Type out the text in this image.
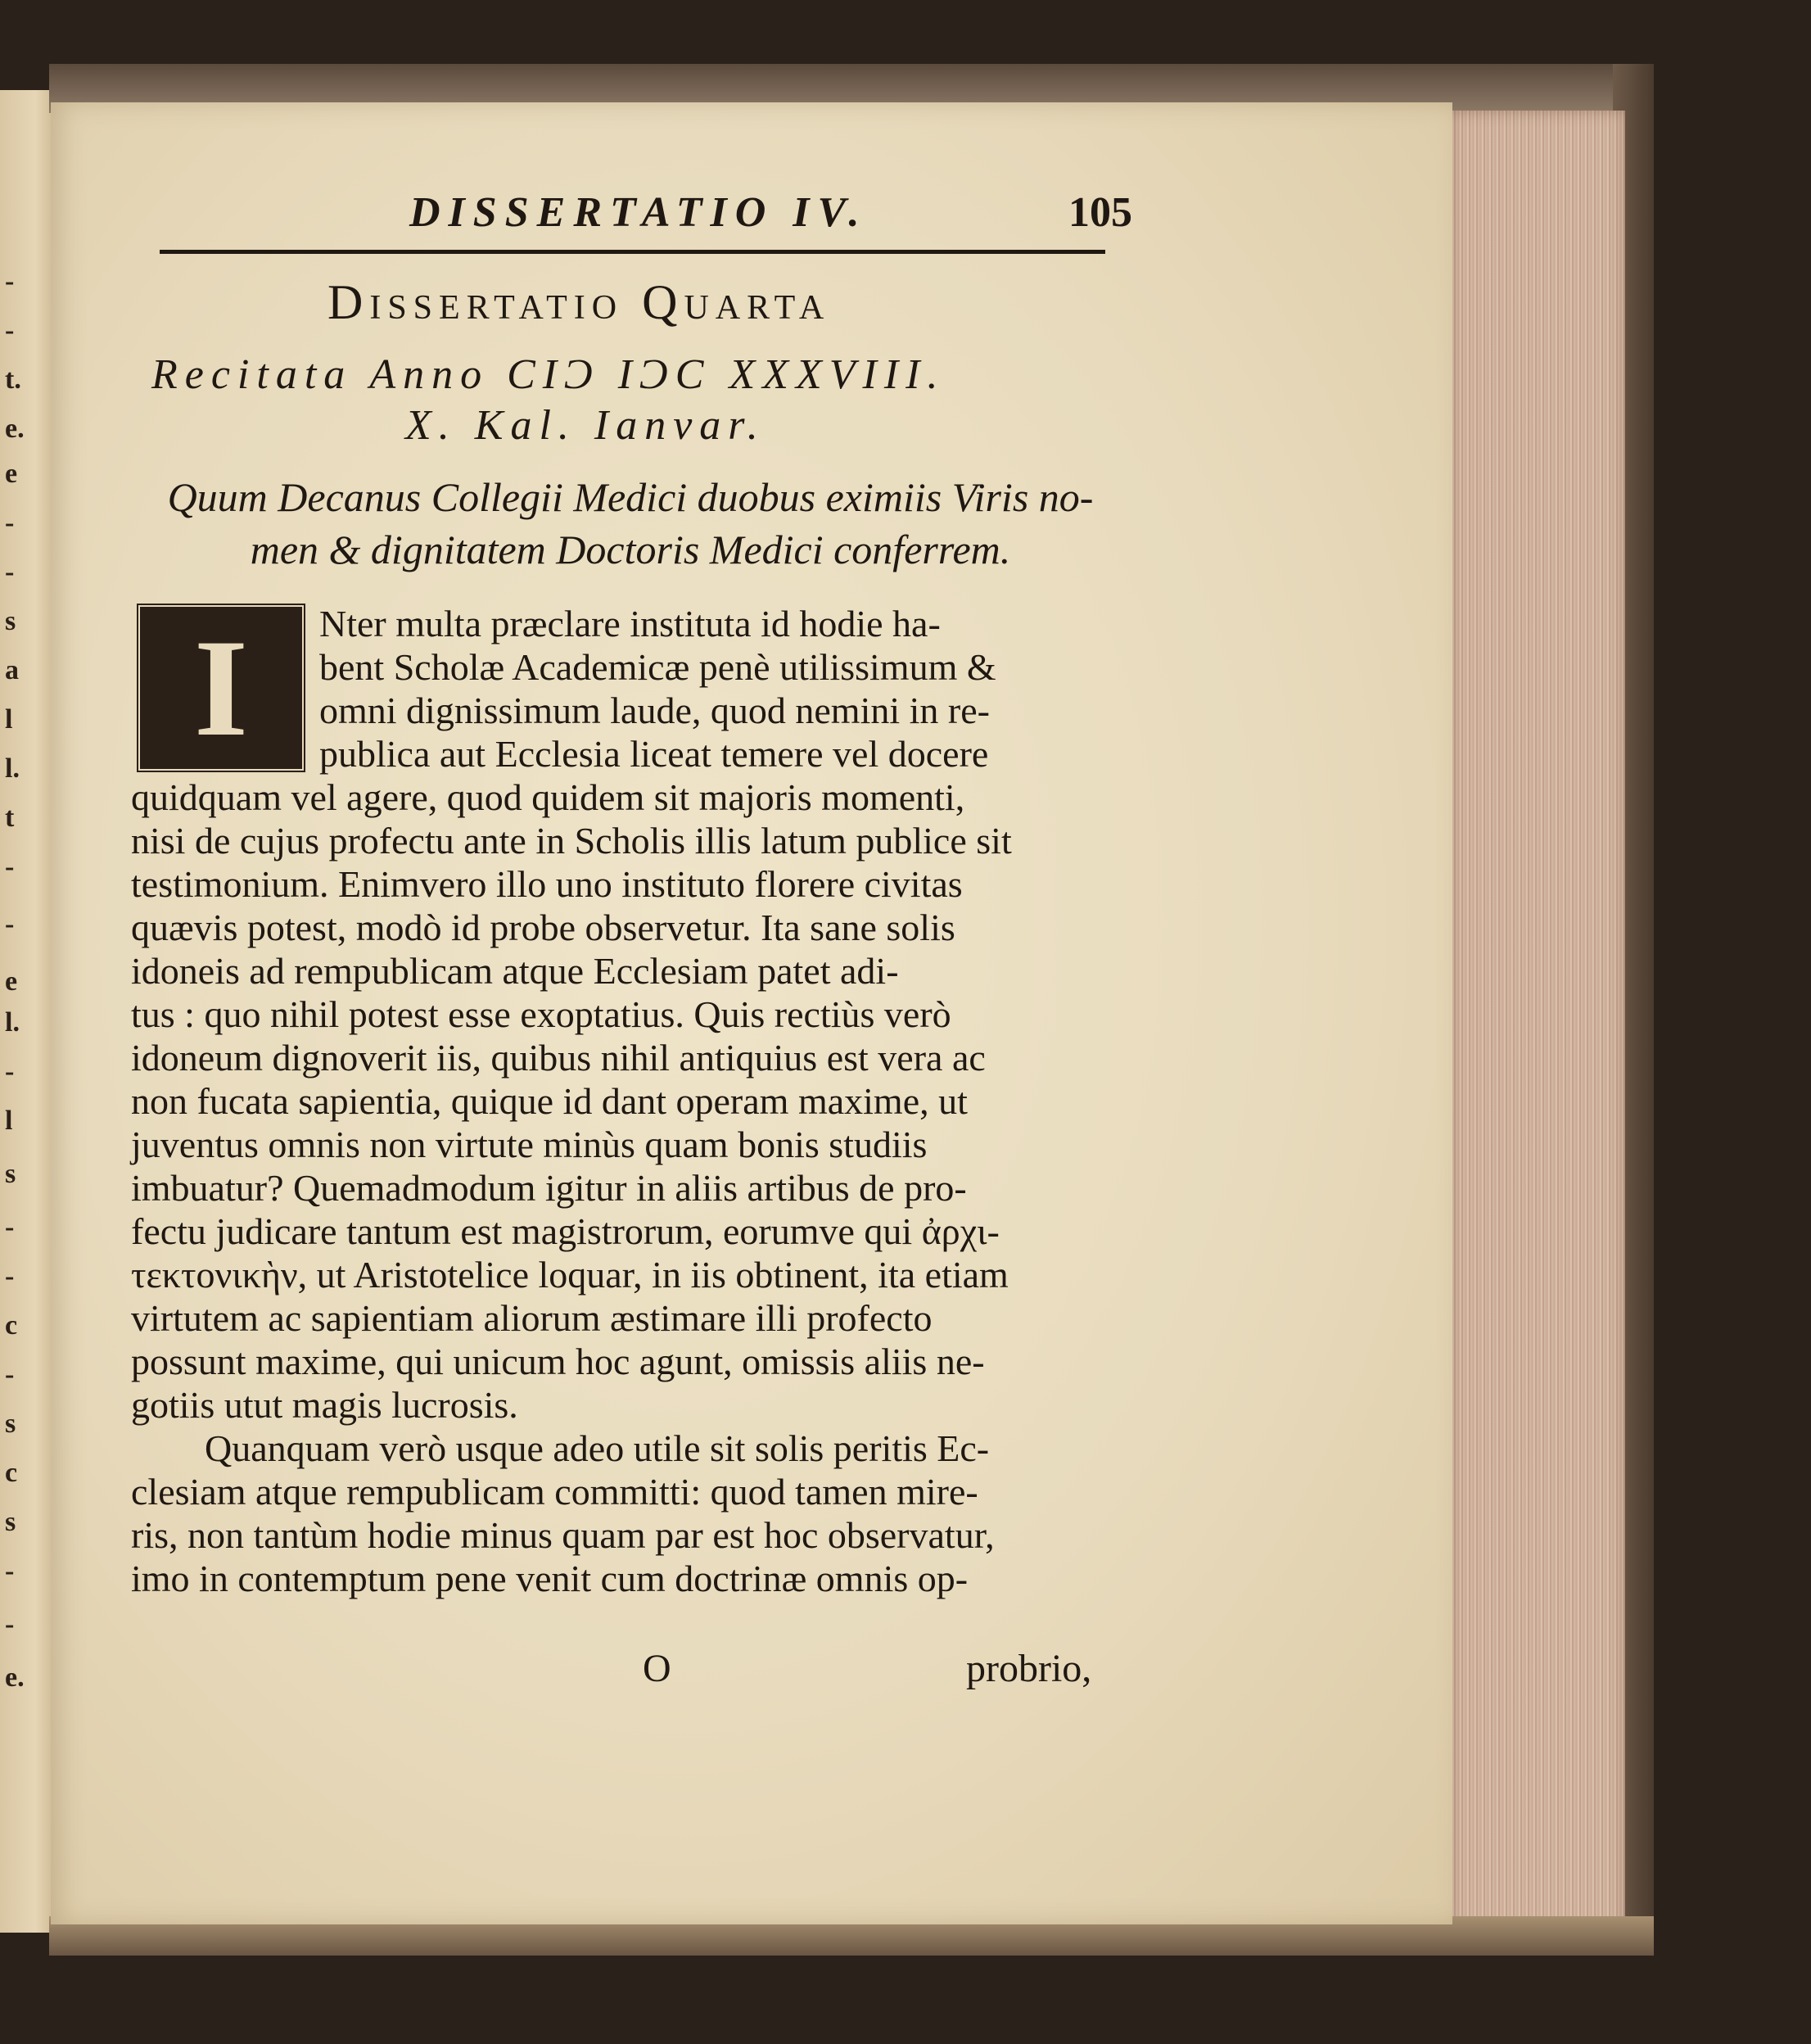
-
-
t.
e.
e
-
-
s
a
l
l.
t
-
-
e
l.
-
l
s
-
-
c
-
s
c
s
-
-
e.
DISSERTATIO IV.	105
Dissertatio Quarta
Recitata Anno CIϽ IϽC XXXVIII.
X. Kal. Ianvar.
Quum Decanus Collegii Medici duobus eximiis Viris no-
men & dignitatem Doctoris Medici conferrem.
I	Nter multa præclare instituta id hodie ha-
bent Scholæ Academicæ penè utilissimum &
omni dignissimum laude, quod nemini in re-
publica aut Ecclesia liceat temere vel docere
quidquam vel agere, quod quidem sit majoris momenti,
nisi de cujus profectu ante in Scholis illis latum publice sit
testimonium. Enimvero illo uno instituto florere civitas
quævis potest, modò id probe observetur. Ita sane solis
idoneis ad rempublicam atque Ecclesiam patet adi-
tus : quo nihil potest esse exoptatius. Quis rectiùs verò
idoneum dignoverit iis, quibus nihil antiquius est vera ac
non fucata sapientia, quique id dant operam maxime, ut
juventus omnis non virtute minùs quam bonis studiis
imbuatur? Quemadmodum igitur in aliis artibus de pro-
fectu judicare tantum est magistrorum, eorumve qui ἀρχι-
τεκτονικὴν, ut Aristotelice loquar, in iis obtinent, ita etiam
virtutem ac sapientiam aliorum æstimare illi profecto
possunt maxime, qui unicum hoc agunt, omissis aliis ne-
gotiis utut magis lucrosis.
Quanquam verò usque adeo utile sit solis peritis Ec-
clesiam atque rempublicam committi: quod tamen mire-
ris, non tantùm hodie minus quam par est hoc observatur,
imo in contemptum pene venit cum doctrinæ omnis op-
O	probrio,
